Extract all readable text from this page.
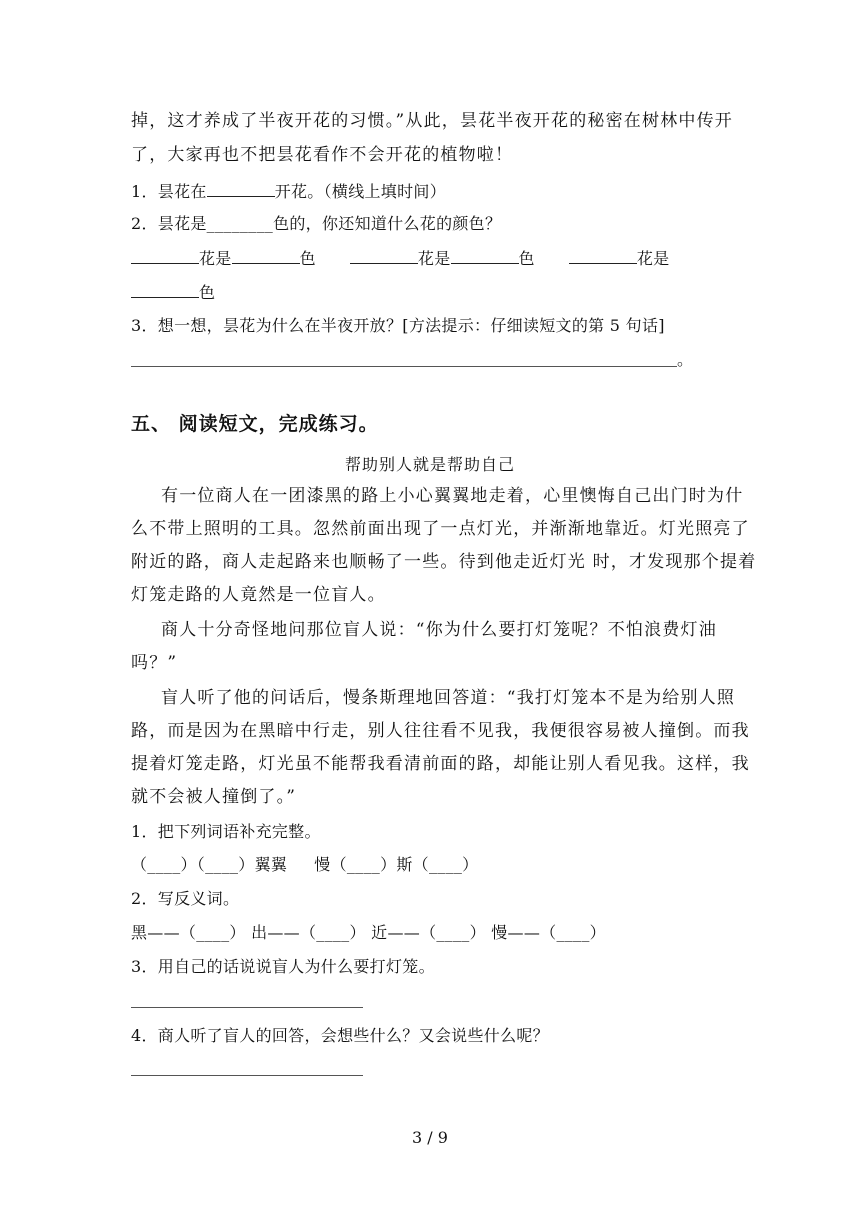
掉，这才养成了半夜开花的习惯。”从此，昙花半夜开花的秘密在树林中传开
了，大家再也不把昙花看作不会开花的植物啦！
1．昙花在	开花。（横线上填时间）
2．昙花是________色的，你还知道什么花的颜色？
花是	色	花是	色	花是
色
3．想一想，昙花为什么在半夜开放？[方法提示：仔细读短文的第 5 句话]
。
五、 阅读短文，完成练习。
帮助别人就是帮助自己
有一位商人在一团漆黑的路上小心翼翼地走着，心里懊悔自己出门时为什
么不带上照明的工具。忽然前面出现了一点灯光，并渐渐地靠近。灯光照亮了
附近的路，商人走起路来也顺畅了一些。待到他走近灯光 时，才发现那个提着
灯笼走路的人竟然是一位盲人。
商人十分奇怪地问那位盲人说：“你为什么要打灯笼呢？不怕浪费灯油
吗？”
盲人听了他的问话后，慢条斯理地回答道：“我打灯笼本不是为给别人照
路，而是因为在黑暗中行走，别人往往看不见我，我便很容易被人撞倒。而我
提着灯笼走路，灯光虽不能帮我看清前面的路，却能让别人看见我。这样，我
就不会被人撞倒了。”
1．把下列词语补充完整。
（____）（____）翼翼 　 慢（____）斯（____）
2．写反义词。
黑——（____） 出——（____） 近——（____） 慢——（____）
3．用自己的话说说盲人为什么要打灯笼。
4．商人听了盲人的回答，会想些什么？又会说些什么呢？
3 / 9
